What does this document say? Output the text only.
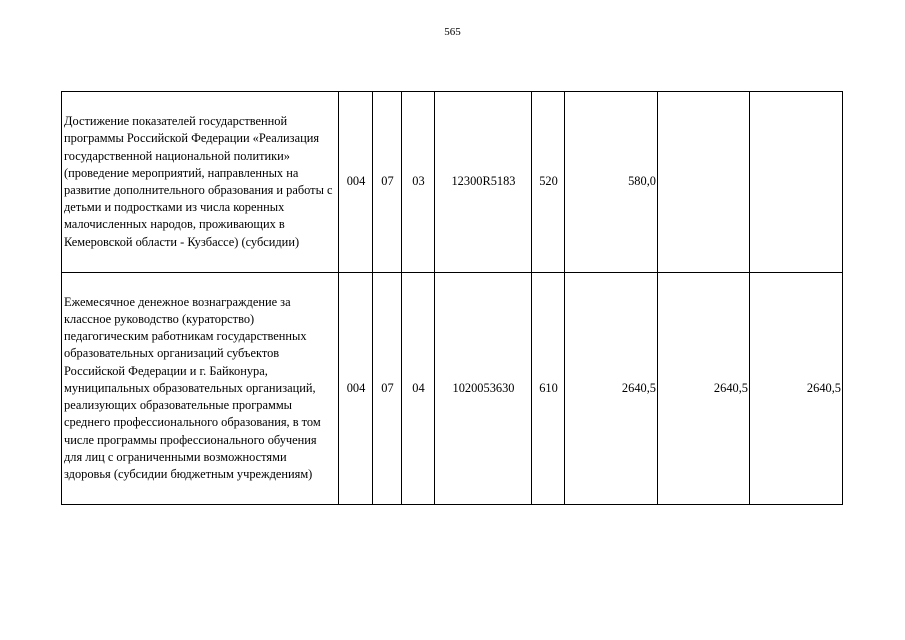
565
Достижение показателей государственной программы Российской Федерации «Реализация государственной национальной политики» (проведение мероприятий, направленных на развитие дополнительного образования и работы с детьми и подростками из числа коренных малочисленных народов, проживающих в Кемеровской области - Кузбассе) (субсидии)	004	07	03	12300R5183	520	580,0		
Ежемесячное денежное вознаграждение за классное руководство (кураторство) педагогическим работникам государственных образовательных организаций субъектов Российской Федерации и г. Байконура, муниципальных образовательных организаций, реализующих образовательные программы среднего профессионального образования, в том числе программы профессионального обучения для лиц с ограниченными возможностями здоровья (субсидии бюджетным учреждениям)	004	07	04	1020053630	610	2640,5	2640,5	2640,5
